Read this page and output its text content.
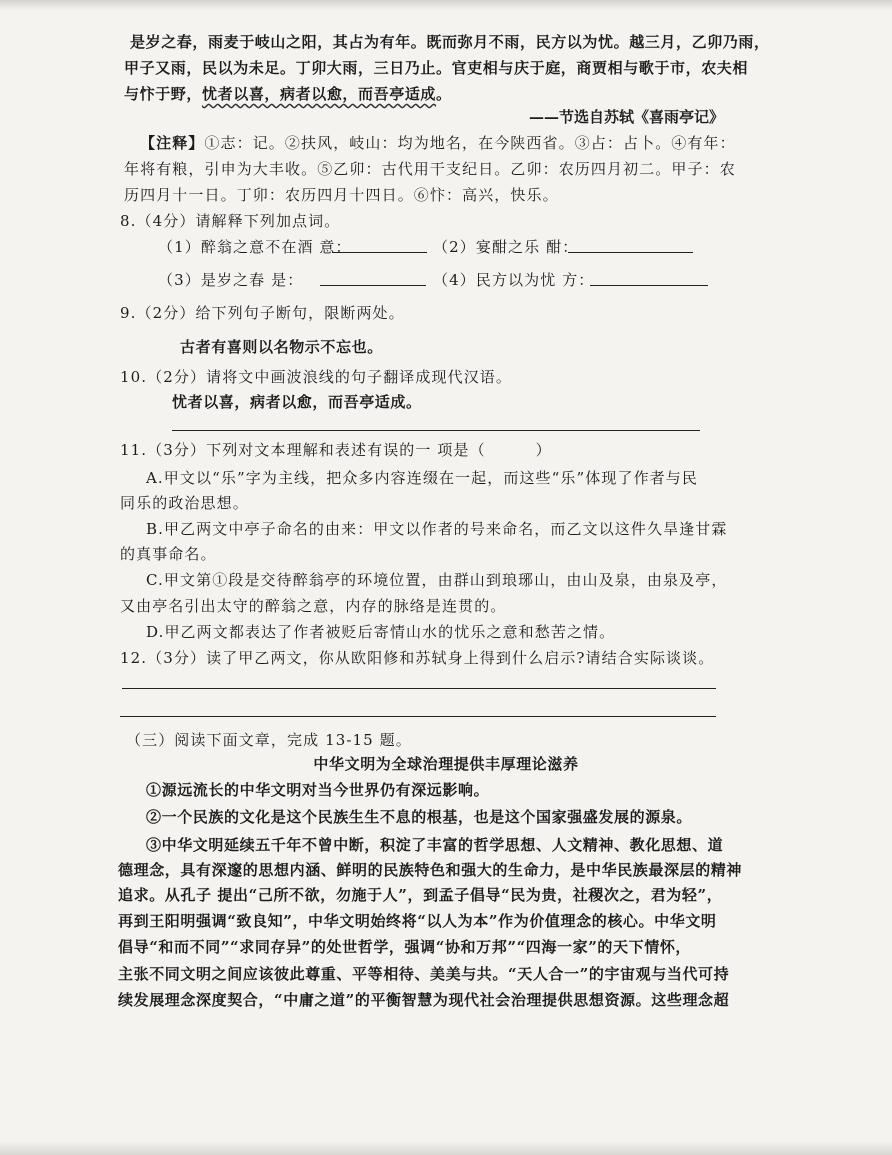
是岁之春，雨麦于岐山之阳，其占为有年。既而弥月不雨，民方以为忧。越三月，乙卯乃雨，
甲子又雨，民以为未足。丁卯大雨，三日乃止。官吏相与庆于庭，商贾相与歌于市，农夫相
与忭于野，忧者以喜，病者以愈，而吾亭适成。
——节选自苏轼《喜雨亭记》
【注释】①志：记。②扶风，岐山：均为地名，在今陕西省。③占：占卜。④有年：
年将有粮，引申为大丰收。⑤乙卯：古代用干支纪日。乙卯：农历四月初二。甲子：农
历四月十一日。丁卯：农历四月十四日。⑥忭：高兴，快乐。
8.（4分）请解释下列加点词。
（1）醉翁之意不在酒 意：	（2）宴酣之乐 酣：
（3）是岁之春 是：	（4）民方以为忧 方：
9.（2分）给下列句子断句，限断两处。
古者有喜则以名物示不忘也。
10.（2分）请将文中画波浪线的句子翻译成现代汉语。
忧者以喜，病者以愈，而吾亭适成。
11.（3分）下列对文本理解和表述有误的一 项是（	）
A.甲文以“乐”字为主线，把众多内容连缀在一起，而这些“乐”体现了作者与民
同乐的政治思想。
B.甲乙两文中亭子命名的由来：甲文以作者的号来命名，而乙文以这件久旱逢甘霖
的真事命名。
C.甲文第①段是交待醉翁亭的环境位置，由群山到琅琊山，由山及泉，由泉及亭，
又由亭名引出太守的醉翁之意，内存的脉络是连贯的。
D.甲乙两文都表达了作者被贬后寄情山水的忧乐之意和愁苦之情。
12.（3分）读了甲乙两文，你从欧阳修和苏轼身上得到什么启示?请结合实际谈谈。
（三）阅读下面文章，完成 13-15 题。
中华文明为全球治理提供丰厚理论滋养
①源远流长的中华文明对当今世界仍有深远影响。
②一个民族的文化是这个民族生生不息的根基，也是这个国家强盛发展的源泉。
③中华文明延续五千年不曾中断，积淀了丰富的哲学思想、人文精神、教化思想、道
德理念，具有深邃的思想内涵、鲜明的民族特色和强大的生命力，是中华民族最深层的精神
追求。从孔子 提出“己所不欲，勿施于人”，到孟子倡导“民为贵，社稷次之，君为轻”，
再到王阳明强调“致良知”，中华文明始终将“以人为本”作为价值理念的核心。中华文明
倡导“和而不同”“求同存异”的处世哲学，强调“协和万邦”“四海一家”的天下情怀，
主张不同文明之间应该彼此尊重、平等相待、美美与共。“天人合一”的宇宙观与当代可持
续发展理念深度契合，“中庸之道”的平衡智慧为现代社会治理提供思想资源。这些理念超
